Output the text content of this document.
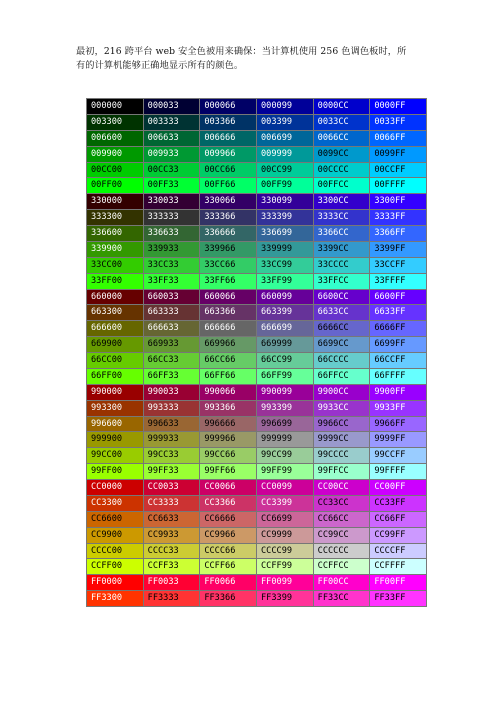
最初，216 跨平台 web 安全色被用来确保：当计算机使用 256 色调色板时，所
有的计算机能够正确地显示所有的颜色。
000000	000033	000066	000099	0000CC	0000FF
003300	003333	003366	003399	0033CC	0033FF
006600	006633	006666	006699	0066CC	0066FF
009900	009933	009966	009999	0099CC	0099FF
00CC00	00CC33	00CC66	00CC99	00CCCC	00CCFF
00FF00	00FF33	00FF66	00FF99	00FFCC	00FFFF
330000	330033	330066	330099	3300CC	3300FF
333300	333333	333366	333399	3333CC	3333FF
336600	336633	336666	336699	3366CC	3366FF
339900	339933	339966	339999	3399CC	3399FF
33CC00	33CC33	33CC66	33CC99	33CCCC	33CCFF
33FF00	33FF33	33FF66	33FF99	33FFCC	33FFFF
660000	660033	660066	660099	6600CC	6600FF
663300	663333	663366	663399	6633CC	6633FF
666600	666633	666666	666699	6666CC	6666FF
669900	669933	669966	669999	6699CC	6699FF
66CC00	66CC33	66CC66	66CC99	66CCCC	66CCFF
66FF00	66FF33	66FF66	66FF99	66FFCC	66FFFF
990000	990033	990066	990099	9900CC	9900FF
993300	993333	993366	993399	9933CC	9933FF
996600	996633	996666	996699	9966CC	9966FF
999900	999933	999966	999999	9999CC	9999FF
99CC00	99CC33	99CC66	99CC99	99CCCC	99CCFF
99FF00	99FF33	99FF66	99FF99	99FFCC	99FFFF
CC0000	CC0033	CC0066	CC0099	CC00CC	CC00FF
CC3300	CC3333	CC3366	CC3399	CC33CC	CC33FF
CC6600	CC6633	CC6666	CC6699	CC66CC	CC66FF
CC9900	CC9933	CC9966	CC9999	CC99CC	CC99FF
CCCC00	CCCC33	CCCC66	CCCC99	CCCCCC	CCCCFF
CCFF00	CCFF33	CCFF66	CCFF99	CCFFCC	CCFFFF
FF0000	FF0033	FF0066	FF0099	FF00CC	FF00FF
FF3300	FF3333	FF3366	FF3399	FF33CC	FF33FF
